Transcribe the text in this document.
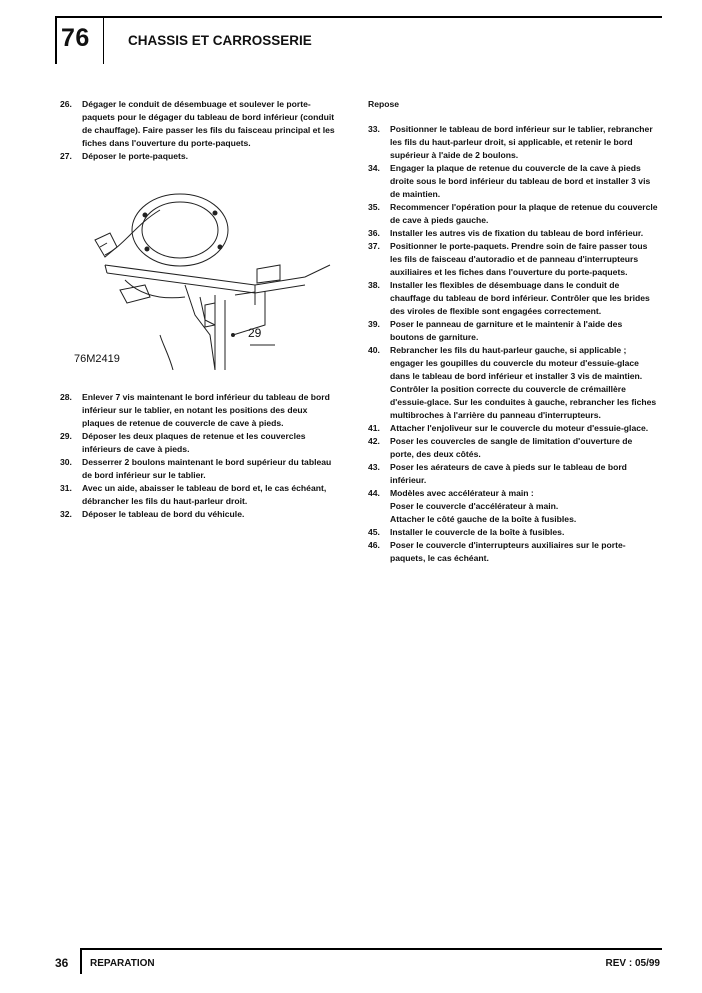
76	CHASSIS ET CARROSSERIE
26. Dégager le conduit de désembuage et soulever le porte-paquets pour le dégager du tableau de bord inférieur (conduit de chauffage). Faire passer les fils du faisceau principal et les fiches dans l'ouverture du porte-paquets.
27. Déposer le porte-paquets.
29
76M2419
28. Enlever 7 vis maintenant le bord inférieur du tableau de bord inférieur sur le tablier, en notant les positions des deux plaques de retenue de couvercle de cave à pieds.
29. Déposer les deux plaques de retenue et les couvercles inférieurs de cave à pieds.
30. Desserrer 2 boulons maintenant le bord supérieur du tableau de bord inférieur sur le tablier.
31. Avec un aide, abaisser le tableau de bord et, le cas échéant, débrancher les fils du haut-parleur droit.
32. Déposer le tableau de bord du véhicule.
Repose
33. Positionner le tableau de bord inférieur sur le tablier, rebrancher les fils du haut-parleur droit, si applicable, et retenir le bord supérieur à l'aide de 2 boulons.
34. Engager la plaque de retenue du couvercle de la cave à pieds droite sous le bord inférieur du tableau de bord et installer 3 vis de maintien.
35. Recommencer l'opération pour la plaque de retenue du couvercle de cave à pieds gauche.
36. Installer les autres vis de fixation du tableau de bord inférieur.
37. Positionner le porte-paquets. Prendre soin de faire passer tous les fils de faisceau d'autoradio et de panneau d'interrupteurs auxiliaires et les fiches dans l'ouverture du porte-paquets.
38. Installer les flexibles de désembuage dans le conduit de chauffage du tableau de bord inférieur. Contrôler que les brides des viroles de flexible sont engagées correctement.
39. Poser le panneau de garniture et le maintenir à l'aide des boutons de garniture.
40. Rebrancher les fils du haut-parleur gauche, si applicable ; engager les goupilles du couvercle du moteur d'essuie-glace dans le tableau de bord inférieur et installer 3 vis de maintien. Contrôler la position correcte du couvercle de crémaillère d'essuie-glace. Sur les conduites à gauche, rebrancher les fiches multibroches à l'arrière du panneau d'interrupteurs.
41. Attacher l'enjoliveur sur le couvercle du moteur d'essuie-glace.
42. Poser les couvercles de sangle de limitation d'ouverture de porte, des deux côtés.
43. Poser les aérateurs de cave à pieds sur le tableau de bord inférieur.
44. Modèles avec accélérateur à main :
Poser le couvercle d'accélérateur à main.
Attacher le côté gauche de la boîte à fusibles.
45. Installer le couvercle de la boîte à fusibles.
46. Poser le couvercle d'interrupteurs auxiliaires sur le porte-paquets, le cas échéant.
36 REPARATION	REV : 05/99
